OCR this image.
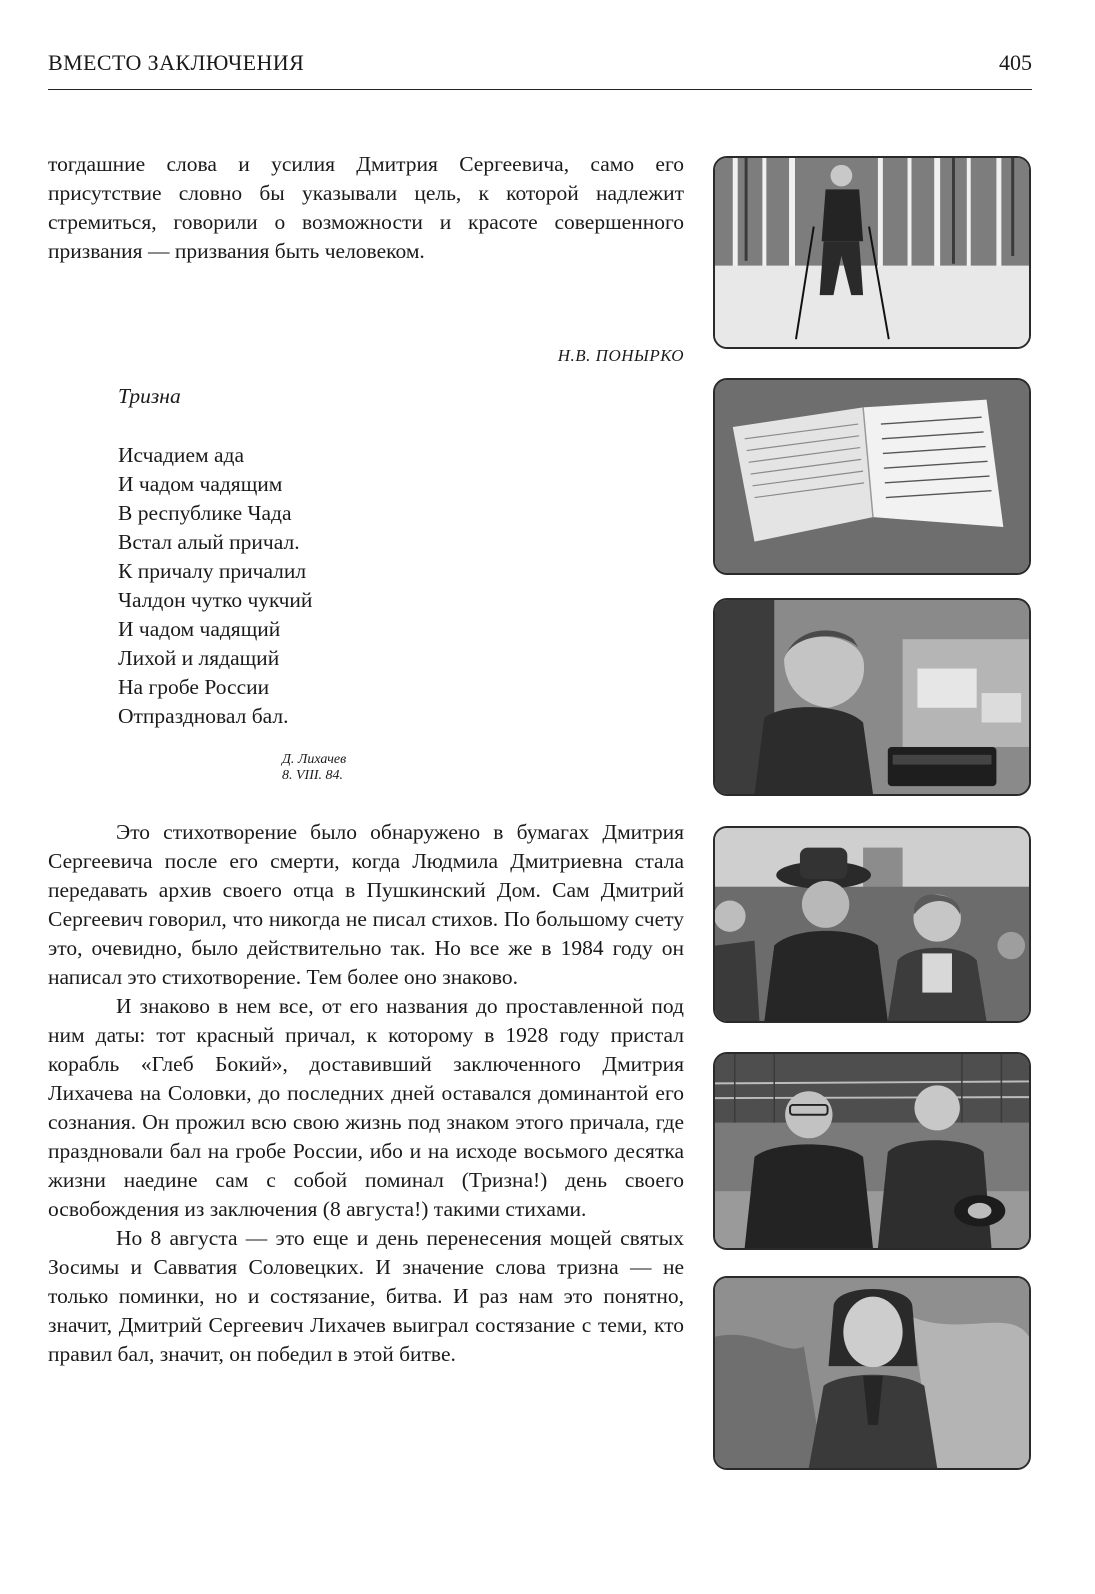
ВМЕСТО ЗАКЛЮЧЕНИЯ	405

тогдашние слова и усилия Дмитрия Сергеевича, само его присутствие словно бы указывали цель, к которой надлежит стремиться, говорили о возможности и красоте совершенного призвания — призвания быть человеком.

Н.В. ПОНЫРКО
Тризна
Исчадием ада
И чадом чадящим
В республике Чада
Встал алый причал.
К причалу причалил
Чалдон чутко чукчий
И чадом чадящий
Лихой и лядащий
На гробе России
Отпраздновал бал.
Д. Лихачев
8. VIII. 84.

Это стихотворение было обнаружено в бумагах Дмитрия Сергеевича после его смерти, когда Людмила Дмитриевна стала передавать архив своего отца в Пушкинский Дом. Сам Дмитрий Сергеевич говорил, что никогда не писал стихов. По большому счету это, очевидно, было действительно так. Но все же в 1984 году он написал это стихотворение. Тем более оно знаково.

И знаково в нем все, от его названия до проставленной под ним даты: тот красный причал, к которому в 1928 году пристал корабль «Глеб Бокий», доставивший заключенного Дмитрия Лихачева на Соловки, до последних дней оставался доминантой его сознания. Он прожил всю свою жизнь под знаком этого причала, где праздновали бал на гробе России, ибо и на исходе восьмого десятка жизни наедине сам с собой поминал (Тризна!) день своего освобождения из заключения (8 августа!) такими стихами.

Но 8 августа — это еще и день перенесения мощей святых Зосимы и Савватия Соловецких. И значение слова тризна — не только поминки, но и состязание, битва. И раз нам это понятно, значит, Дмитрий Сергеевич Лихачев выиграл состязание с теми, кто правил бал, значит, он победил в этой битве.
